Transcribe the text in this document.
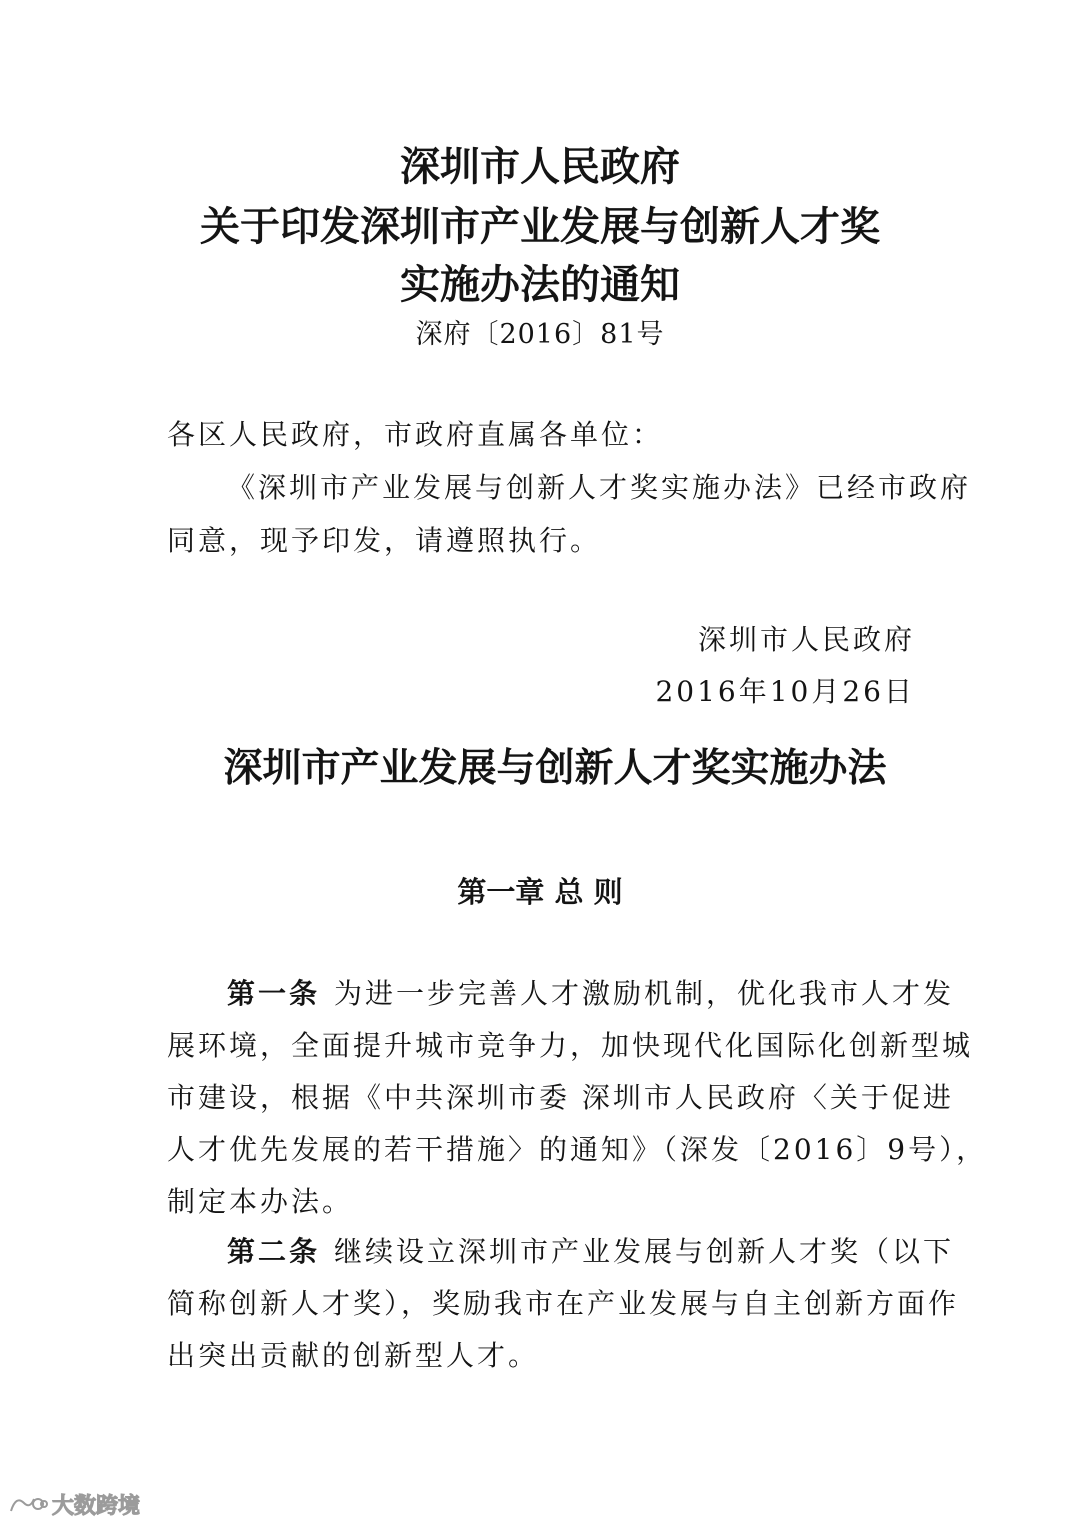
深圳市人民政府
关于印发深圳市产业发展与创新人才奖
实施办法的通知
深府〔2016〕81号
各区人民政府，市政府直属各单位：
《深圳市产业发展与创新人才奖实施办法》已经市政府
同意，现予印发，请遵照执行。
深圳市人民政府
2016年10月26日
深圳市产业发展与创新人才奖实施办法
第一章 总 则
第一条 为进一步完善人才激励机制，优化我市人才发
展环境，全面提升城市竞争力，加快现代化国际化创新型城
市建设，根据《中共深圳市委 深圳市人民政府〈关于促进
人才优先发展的若干措施〉的通知》（深发〔2016〕9号），
制定本办法。
第二条 继续设立深圳市产业发展与创新人才奖（以下
简称创新人才奖），奖励我市在产业发展与自主创新方面作
出突出贡献的创新型人才。
大数跨境
